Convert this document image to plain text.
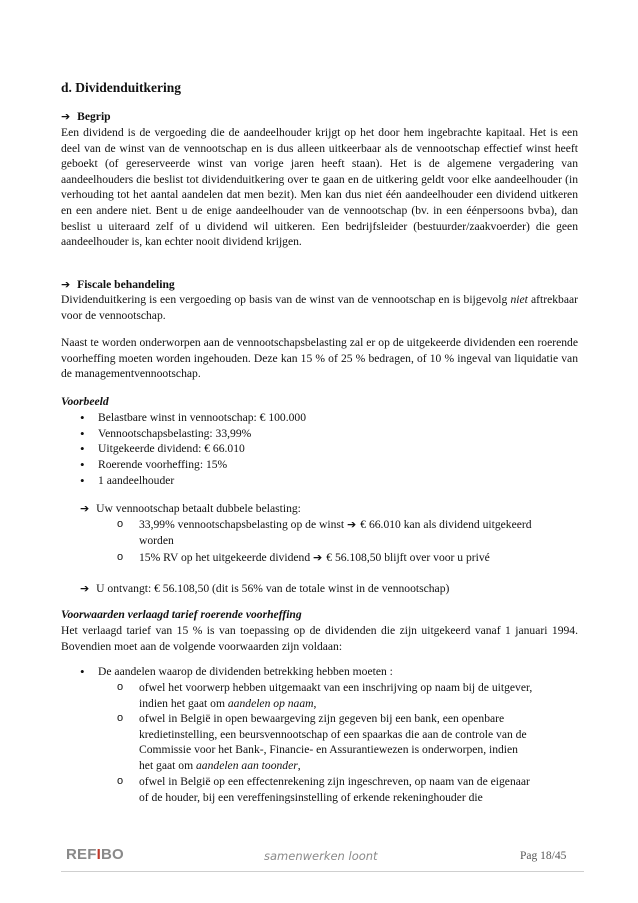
d. Dividenduitkering
➔ Begrip

Een dividend is de vergoeding die de aandeelhouder krijgt op het door hem ingebrachte kapitaal. Het is een deel van de winst van de vennootschap en is dus alleen uitkeerbaar als de vennootschap effectief winst heeft geboekt (of gereserveerde winst van vorige jaren heeft staan). Het is de algemene vergadering van aandeelhouders die beslist tot dividenduitkering over te gaan en de uitkering geldt voor elke aandeelhouder (in verhouding tot het aantal aandelen dat men bezit). Men kan dus niet één aandeelhouder een dividend uitkeren en een andere niet. Bent u de enige aandeelhouder van de vennootschap (bv. in een éénpersoons bvba), dan beslist u uiteraard zelf of u dividend wil uitkeren. Een bedrijfsleider (bestuurder/zaakvoerder) die geen aandeelhouder is, kan echter nooit dividend krijgen.

➔ Fiscale behandeling

Dividenduitkering is een vergoeding op basis van de winst van de vennootschap en is bijgevolg niet aftrekbaar voor de vennootschap.

Naast te worden onderworpen aan de vennootschapsbelasting zal er op de uitgekeerde dividenden een roerende voorheffing moeten worden ingehouden. Deze kan 15 % of 25 % bedragen, of 10 % ingeval van liquidatie van de managementvennootschap.

Voorbeeld
• Belastbare winst in vennootschap: € 100.000
• Vennootschapsbelasting: 33,99%
• Uitgekeerde dividend: € 66.010
• Roerende voorheffing: 15%
• 1 aandeelhouder
➔ Uw vennootschap betaalt dubbele belasting:
o	33,99% vennootschapsbelasting op de winst ➔ € 66.010 kan als dividend uitgekeerd
worden
o	15% RV op het uitgekeerde dividend ➔ € 56.108,50 blijft over voor u privé
➔ U ontvangt: € 56.108,50 (dit is 56% van de totale winst in de vennootschap)
Voorwaarden verlaagd tarief roerende voorheffing

Het verlaagd tarief van 15 % is van toepassing op de dividenden die zijn uitgekeerd vanaf 1 januari 1994. Bovendien moet aan de volgende voorwaarden zijn voldaan:

• De aandelen waarop de dividenden betrekking hebben moeten :
o	ofwel het voorwerp hebben uitgemaakt van een inschrijving op naam bij de uitgever,
indien het gaat om aandelen op naam,
o	ofwel in België in open bewaargeving zijn gegeven bij een bank, een openbare
kredietinstelling, een beursvennootschap of een spaarkas die aan de controle van de
Commissie voor het Bank-, Financie- en Assurantiewezen is onderworpen, indien
het gaat om aandelen aan toonder,
o	ofwel in België op een effectenrekening zijn ingeschreven, op naam van de eigenaar
of de houder, bij een vereffeningsinstelling of erkende rekeninghouder die
REFIBO	samenwerken loont	Pag 18/45
